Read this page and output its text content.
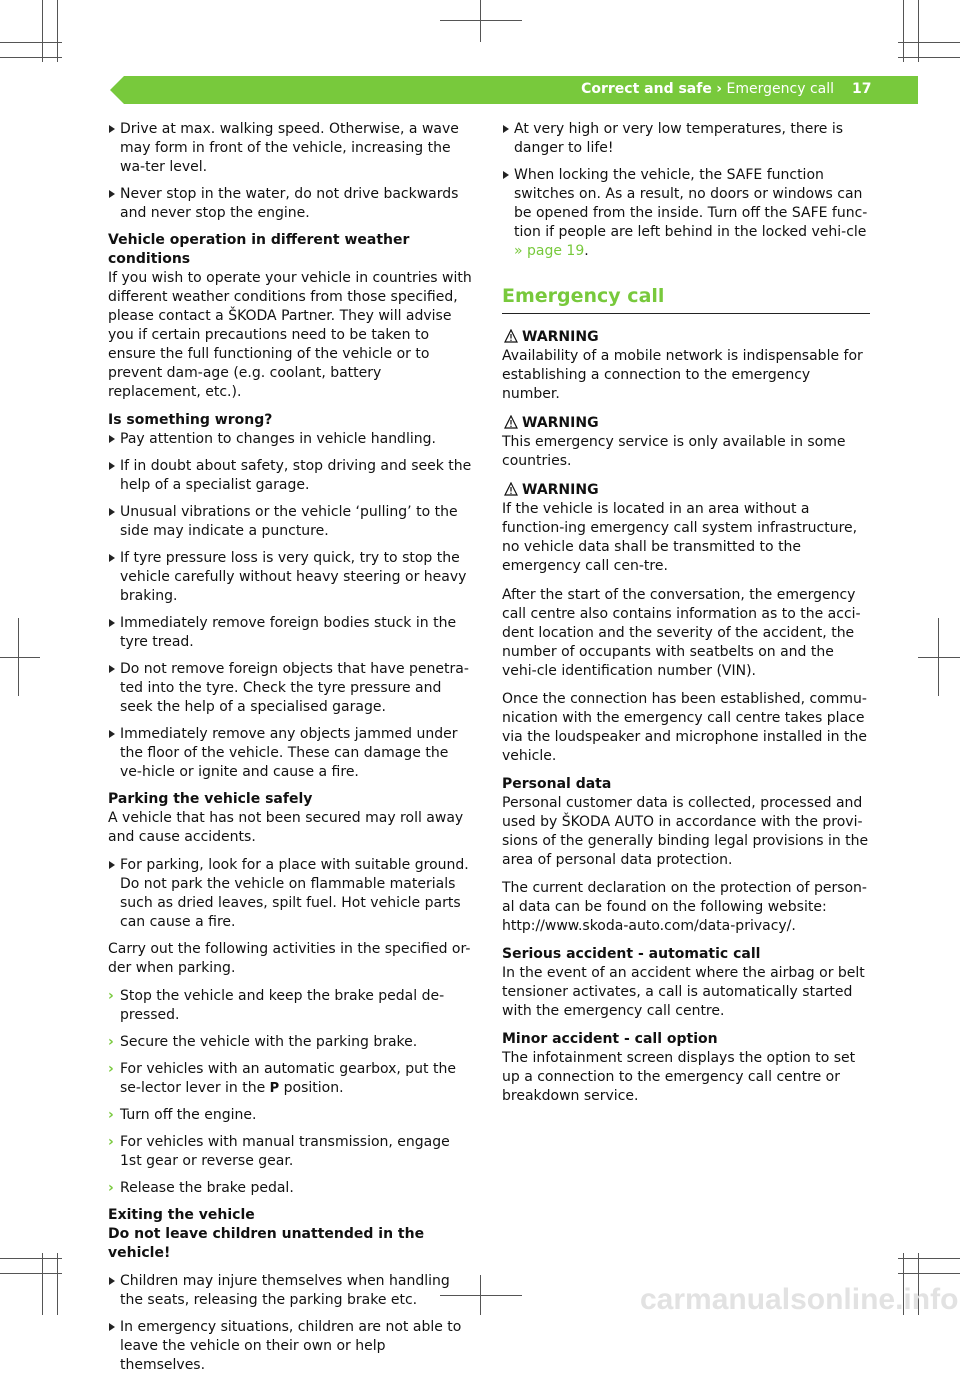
Correct and safe › Emergency call 17
Drive at max. walking speed. Otherwise, a wave may form in front of the vehicle, increasing the wa-ter level.
Never stop in the water, do not drive backwards and never stop the engine.

Vehicle operation in different weather conditions
If you wish to operate your vehicle in countries with different weather conditions from those specified, please contact a ŠKODA Partner. They will advise you if certain precautions need to be taken to ensure the full functioning of the vehicle or to prevent dam-age (e.g. coolant, battery replacement, etc.).

Is something wrong?
Pay attention to changes in vehicle handling.
If in doubt about safety, stop driving and seek the help of a specialist garage.
Unusual vibrations or the vehicle ‘pulling’ to the side may indicate a puncture.
If tyre pressure loss is very quick, try to stop the vehicle carefully without heavy steering or heavy braking.
Immediately remove foreign bodies stuck in the tyre tread.
Do not remove foreign objects that have penetra-ted into the tyre. Check the tyre pressure and seek the help of a specialised garage.
Immediately remove any objects jammed under the floor of the vehicle. These can damage the ve-hicle or ignite and cause a fire.

Parking the vehicle safely
A vehicle that has not been secured may roll away and cause accidents.

For parking, look for a place with suitable ground. Do not park the vehicle on flammable materials such as dried leaves, spilt fuel. Hot vehicle parts can cause a fire.

Carry out the following activities in the specified or-der when parking.

› Stop the vehicle and keep the brake pedal de-pressed.
› Secure the vehicle with the parking brake.
› For vehicles with an automatic gearbox, put the se-lector lever in the P position.
› Turn off the engine.
› For vehicles with manual transmission, engage 1st gear or reverse gear.
› Release the brake pedal.

Exiting the vehicle
Do not leave children unattended in the vehicle!

Children may injure themselves when handling the seats, releasing the parking brake etc.
In emergency situations, children are not able to leave the vehicle on their own or help themselves.
At very high or very low temperatures, there is danger to life!
When locking the vehicle, the SAFE function switches on. As a result, no doors or windows can be opened from the inside. Turn off the SAFE func-tion if people are left behind in the locked vehi-cle » page 19.
Emergency call
WARNING
Availability of a mobile network is indispensable for establishing a connection to the emergency number.
WARNING
This emergency service is only available in some countries.
WARNING
If the vehicle is located in an area without a function-ing emergency call system infrastructure, no vehicle data shall be transmitted to the emergency call cen-tre.

After the start of the conversation, the emergency call centre also contains information as to the acci-dent location and the severity of the accident, the number of occupants with seatbelts on and the vehi-cle identification number (VIN).

Once the connection has been established, commu-nication with the emergency call centre takes place via the loudspeaker and microphone installed in the vehicle.

Personal data
Personal customer data is collected, processed and used by ŠKODA AUTO in accordance with the provi-sions of the generally binding legal provisions in the area of personal data protection.

The current declaration on the protection of person-al data can be found on the following website: http://www.skoda-auto.com/data-privacy/.

Serious accident - automatic call
In the event of an accident where the airbag or belt tensioner activates, a call is automatically started with the emergency call centre.

Minor accident - call option
The infotainment screen displays the option to set up a connection to the emergency call centre or breakdown service.

carmanualsonline.info
